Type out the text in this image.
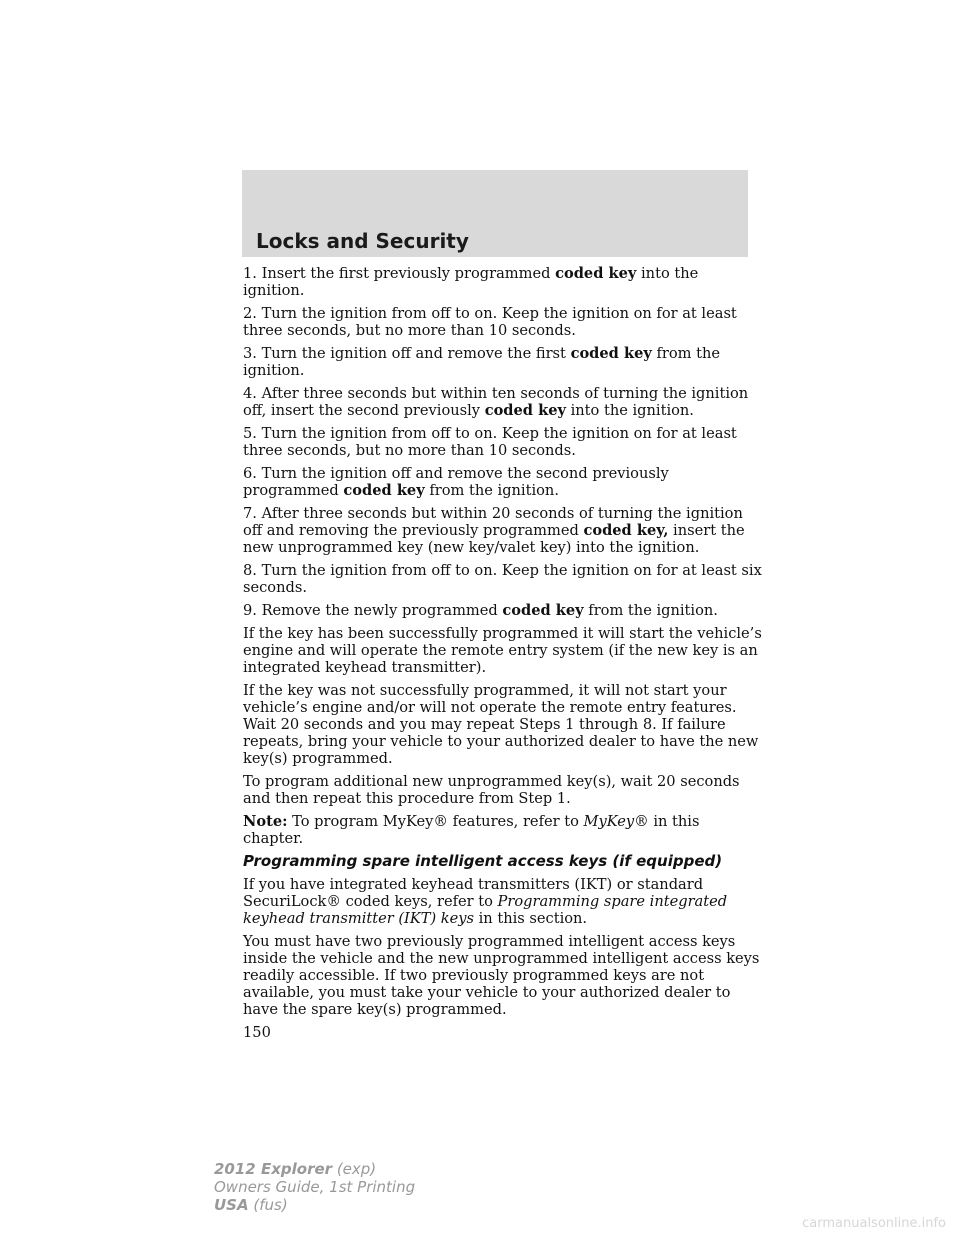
Locks and Security

1. Insert the first previously programmed coded key into the ignition.

2. Turn the ignition from off to on. Keep the ignition on for at least three seconds, but no more than 10 seconds.

3. Turn the ignition off and remove the first coded key from the ignition.

4. After three seconds but within ten seconds of turning the ignition off, insert the second previously coded key into the ignition.

5. Turn the ignition from off to on. Keep the ignition on for at least three seconds, but no more than 10 seconds.

6. Turn the ignition off and remove the second previously programmed coded key from the ignition.

7. After three seconds but within 20 seconds of turning the ignition off and removing the previously programmed coded key, insert the new unprogrammed key (new key/valet key) into the ignition.

8. Turn the ignition from off to on. Keep the ignition on for at least six seconds.

9. Remove the newly programmed coded key from the ignition.

If the key has been successfully programmed it will start the vehicle’s engine and will operate the remote entry system (if the new key is an integrated keyhead transmitter).

If the key was not successfully programmed, it will not start your vehicle’s engine and/or will not operate the remote entry features. Wait 20 seconds and you may repeat Steps 1 through 8. If failure repeats, bring your vehicle to your authorized dealer to have the new key(s) programmed.

To program additional new unprogrammed key(s), wait 20 seconds and then repeat this procedure from Step 1.

Note: To program MyKey® features, refer to MyKey® in this chapter.

Programming spare intelligent access keys (if equipped)

If you have integrated keyhead transmitters (IKT) or standard SecuriLock® coded keys, refer to Programming spare integrated keyhead transmitter (IKT) keys in this section.

You must have two previously programmed intelligent access keys inside the vehicle and the new unprogrammed intelligent access keys readily accessible. If two previously programmed keys are not available, you must take your vehicle to your authorized dealer to have the spare key(s) programmed.

150
2012 Explorer (exp)
Owners Guide, 1st Printing
USA (fus)
carmanualsonline.info
